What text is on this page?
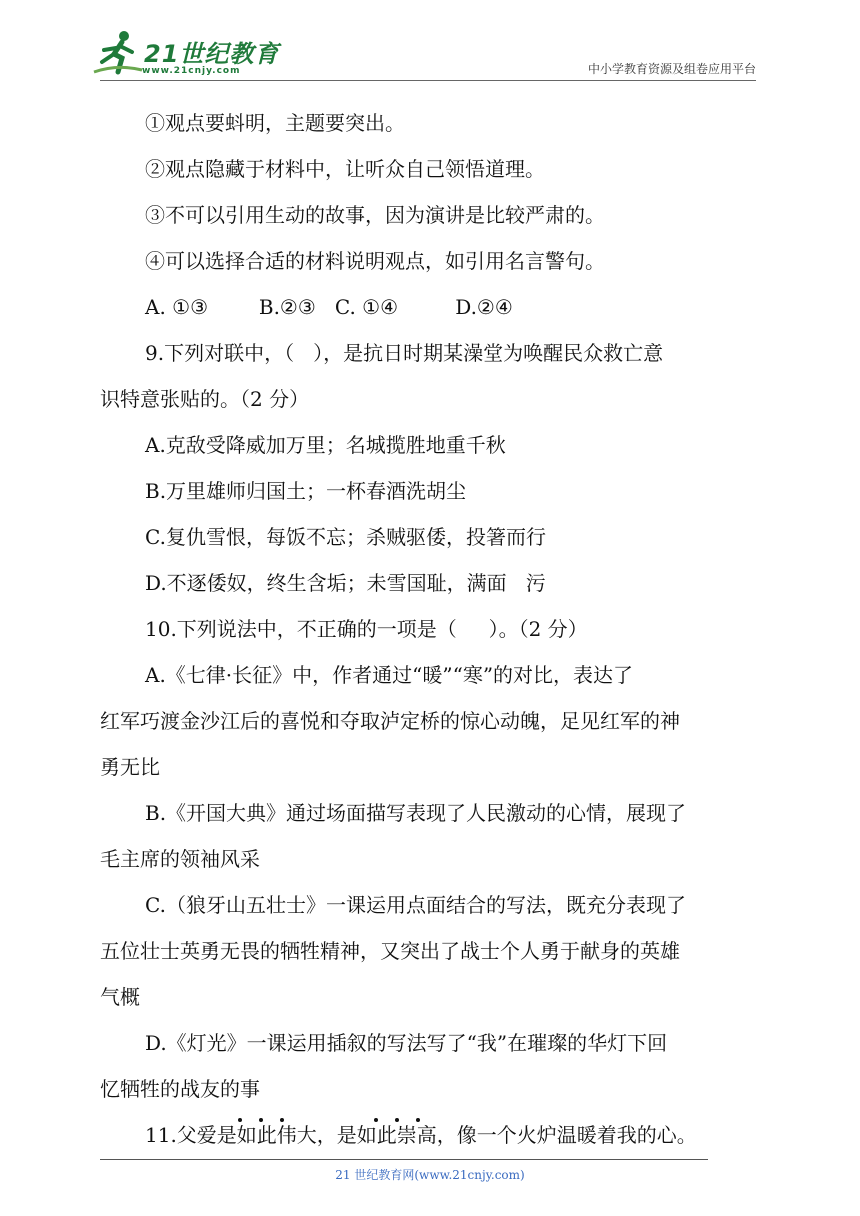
21世纪教育
www.21cnjy.com	中小学教育资源及组卷应用平台

①观点要蚪明，主题要突出。

②观点隐藏于材料中，让听众自己领悟道理。

③不可以引用生动的故事，因为演讲是比较严肃的。

④可以选择合适的材料说明观点，如引用名言警句。

A. ①③        B.②③   C. ①④         D.②④

9.下列对联中，（   ），是抗日时期某澡堂为唤醒民众救亡意

识特意张贴的。（2 分）

A.克敌受降威加万里；名城揽胜地重千秋

B.万里雄师归国土；一杯春酒洗胡尘

C.复仇雪恨，每饭不忘；杀贼驱倭，投箸而行

D.不逐倭奴，终生含垢；未雪国耻，满面   污

10.下列说法中，不正确的一项是（     ）。（2 分）

A.《七律·长征》中，作者通过“暖”“寒”的对比，表达了

红军巧渡金沙江后的喜悦和夺取泸定桥的惊心动魄，足见红军的神

勇无比

B.《开国大典》通过场面描写表现了人民激动的心情，展现了

毛主席的领袖风采

C.（狼牙山五壮士》一课运用点面结合的写法，既充分表现了

五位壮士英勇无畏的牺牲精神，又突出了战士个人勇于献身的英雄

气概

D.《灯光》一课运用插叙的写法写了“我”在璀璨的华灯下回

忆牺牲的战友的事

11.父爱是如此伟大，是如此崇高，像一个火炉温暖着我的心。

21 世纪教育网(www.21cnjy.com)
